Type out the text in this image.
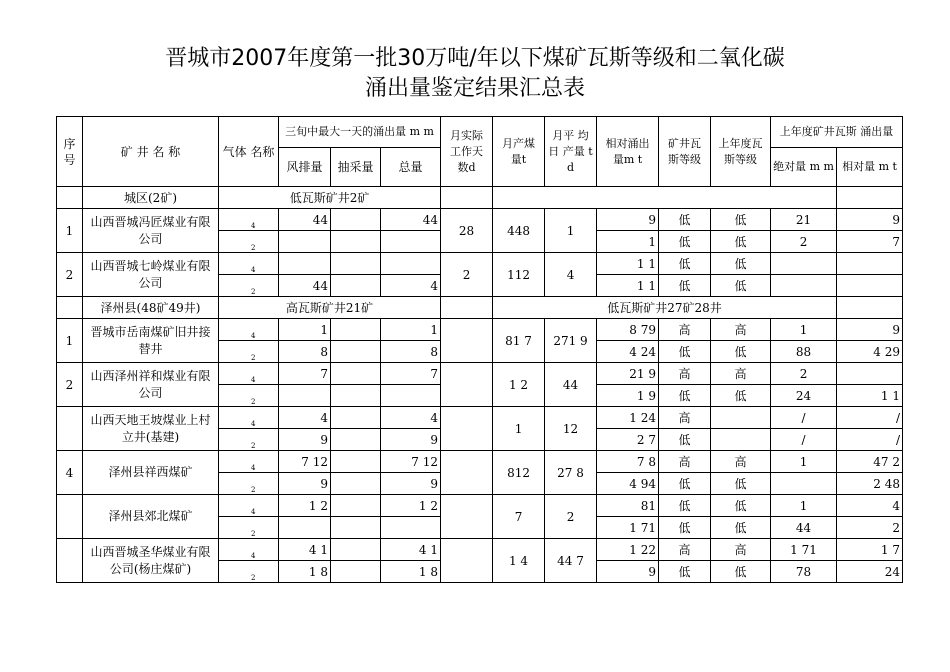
晋城市2007年度第一批30万吨/年以下煤矿瓦斯等级和二氧化碳
涌出量鉴定结果汇总表
序 号	矿 井 名 称	气体 名称	三旬中最大一天的涌出量 m m			月实际 工作天 数d	月产煤 量t	月平 均日 产量 t d	相对涌出 量m t	矿井瓦 斯等级	上年度瓦 斯等级	上年度矿井瓦斯 涌出量		
			风排量	抽采量	总量							绝对量 m m	相对量 m t	
	城区(2矿)	低瓦斯矿井2矿												
1	山西晋城冯匠煤业有限公司	4	44		44	28	448	1	9	低	低	21	9	
		2							1	低	低	2	7	
2	山西晋城七岭煤业有限公司	4				2	112	4	1 1	低	低			
		2	44		4				1 1	低	低			
	泽州县(48矿49井)	高瓦斯矿井21矿					低瓦斯矿井27矿28井							
1	晋城市岳南煤矿旧井接替井	4	1		1		81 7	271 9	8 79	高	高	1	9	
		2	8		8				4 24	低	低	88	4 29	
2	山西泽州祥和煤业有限公司	4	7		7		1 2	44	21 9	高	高	2		
		2							1 9	低	低	24	1 1	
	山西天地王坡煤业上村立井(基建)	4	4		4		1	12	1 24	高		/	/	
		2	9		9				2 7	低		/	/	
4	泽州县祥西煤矿	4	7 12		7 12		812	27 8	7 8	高	高	1	47 2	
		2	9		9				4 94	低	低		2 48	
	泽州县郊北煤矿	4	1 2		1 2		7	2	81	低	低	1	4	
		2							1 71	低	低	44	2	
	山西晋城圣华煤业有限公司(杨庄煤矿)	4	4 1		4 1		1 4	44 7	1 22	高	高	1 71	1 7	
		2	1 8		1 8				9	低	低	78	24	
